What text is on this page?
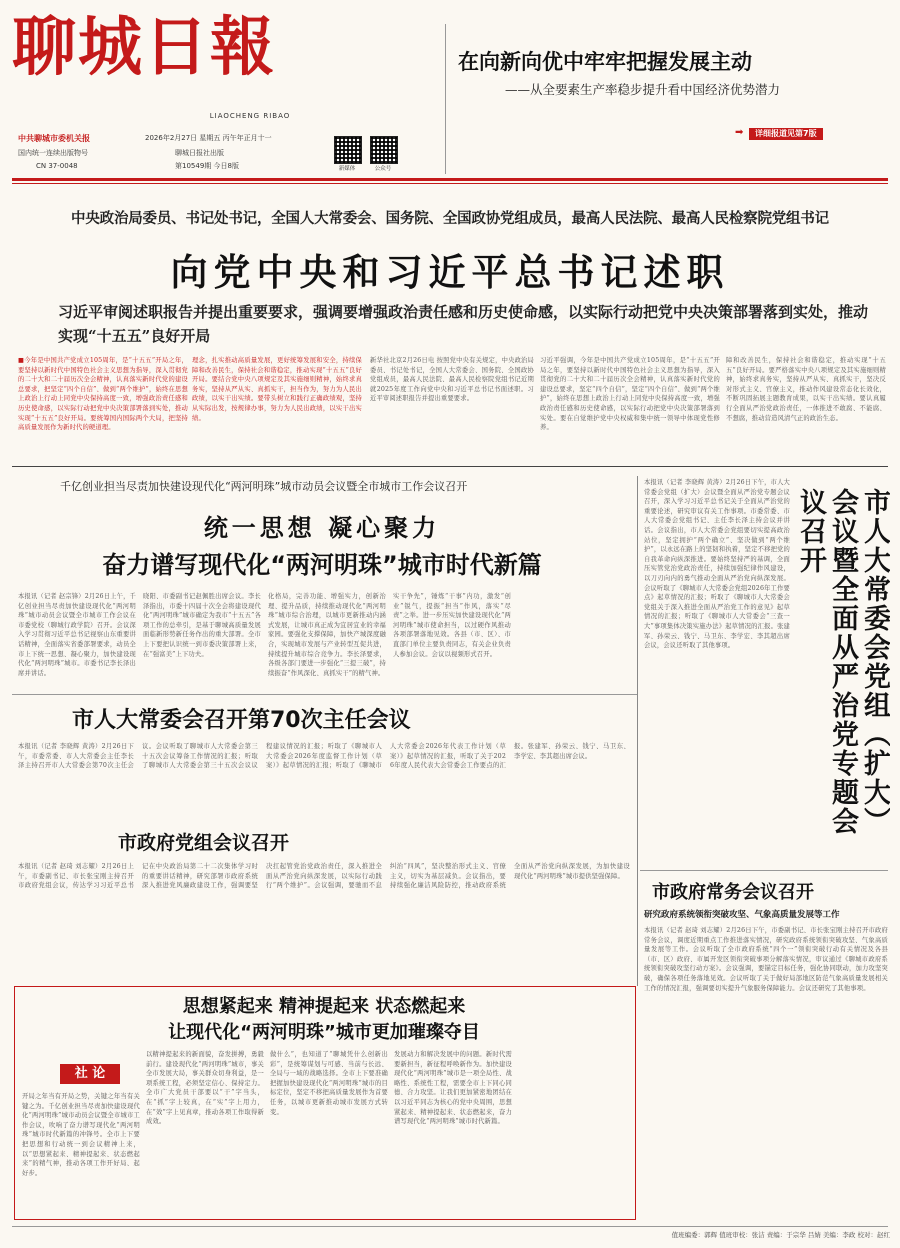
聊城日報
LIAOCHENG RIBAO
中共聊城市委机关报
国内统一连续出版物号
CN 37-0048
2026年2月27日 星期五 丙午年正月十一
聊城日报社出版
第10549期 今日8版	新媒体	公众号
在向新向优中牢牢把握发展主动
——从全要素生产率稳步提升看中国经济优势潜力
➡	详细报道见第7版
中央政治局委员、书记处书记，全国人大常委会、国务院、全国政协党组成员，最高人民法院、最高人民检察院党组书记
向党中央和习近平总书记述职
习近平审阅述职报告并提出重要要求，强调要增强政治责任感和历史使命感，以实际行动把党中央决策部署落到实处，推动实现“十五五”良好开局
■今年是中国共产党成立105周年，是“十五五”开局之年，要坚持以新时代中国特色社会主义思想为指导，深入贯彻党的二十大和二十届历次全会精神，认真落实新时代党的建设总要求，把坚定“四个自信”、做到“两个维护”，始终在思想上政治上行动上同党中央保持高度一致，增强政治责任感和历史使命感，以实际行动把党中央决策部署落到实处，推动实现“十五五”良好开局。要统筹国内国际两个大局，把坚持高质量发展作为新时代的硬道理。
理念，扎实推动高质量发展，更好统筹发展和安全，持续保障和改善民生，保持社会和谐稳定，推动实现“十五五”良好开局。要结合党中央八项规定及其实施细则精神，始终求真务实，坚持从严从实、真抓实干，担当作为，努力为人民出政绩，以实干出实绩。要带头树立和践行正确政绩观，坚持从实际出发，按规律办事，努力为人民出政绩，以实干出实绩。
新华社北京2月26日电 按照党中央有关规定，中央政治局委员、书记处书记，全国人大常委会、国务院、全国政协党组成员，最高人民法院、最高人民检察院党组书记近期就2025年度工作向党中央和习近平总书记书面述职。习近平审阅述职报告并提出重要要求。
习近平强调，今年是中国共产党成立105周年，是“十五五”开局之年，要坚持以新时代中国特色社会主义思想为指导，深入贯彻党的二十大和二十届历次全会精神，认真落实新时代党的建设总要求，坚定“四个自信”，坚定“四个自信”、做到“两个维护”，始终在思想上政治上行动上同党中央保持高度一致，增强政治责任感和历史使命感，以实际行动把党中央决策部署落到实处。要在自觉维护党中央权威和集中统一领导中体现党性修养。
障和改善民生，保持社会和谐稳定，推动实现“十五五”良好开局。要严格落实中央八项规定及其实施细则精神，始终求真务实，坚持从严从实、真抓实干，坚决反对形式主义、官僚主义，推动作风建设常态化长效化，不断巩固拓展主题教育成果，以实干出实绩。要认真履行全面从严治党政治责任，一体推进不敢腐、不能腐、不想腐，推动营造风清气正的政治生态。
千亿创业担当尽责加快建设现代化“两河明珠”城市动员会议暨全市城市工作会议召开
统一思想 凝心聚力
奋力谱写现代化“两河明珠”城市时代新篇
本报讯（记者 赵宗锋）2月26日上午，千亿创业担当尽责加快建设现代化“两河明珠”城市动员会议暨全市城市工作会议在市委党校（聊城行政学院）召开。会议深入学习贯彻习近平总书记视察山东重要讲话精神，全面落实省委部署要求，动员全市上下统一思想、凝心聚力，加快建设现代化“两河明珠”城市。市委书记李长泽出席并讲话。
晓阳、市委副书记赵佩胜出席会议。李长泽指出，市委十四届十次全会将建设现代化“两河明珠”城市确定为我市“十五五”各项工作的总牵引，是基于聊城高质量发展面临新形势新任务作出的重大部署。全市上下要把认识统一到市委决策部署上来，在“强富美”上下功夫。
化格局，完善功能、增强实力，创新治理、提升品质，持续推动现代化“两河明珠”城市综合治理，以城市更新推动内涵式发展，让城市真正成为宜居宜业的幸福家园。要强化支撑保障，加快产城深度融合，实现城市发展与产业转型互促共进，持续提升城市综合竞争力。李长泽要求，各级各部门要进一步强化“三提三破”，持续振奋“作风深化、真抓实干”的精气神。
实干争先”，锤炼“干事”内功，激发“创业”锐气，提振“担当”作风，落实“尽责”之举。进一步压实加快建设现代化“两河明珠”城市使命担当，以过硬作风推动各项部署落地见效。各县（市、区）、市直部门单位主要负责同志，有关企业负责人参加会议。会议以视频形式召开。
市人大常委会召开第70次主任会议
本报讯（记者 李晓辉 黄涛）2月26日下午，市委常委、市人大常委会主任李长泽主持召开市人大常委会第70次主任会议。会议听取了聊城市人大常委会第三十五次会议筹备工作情况的汇报；听取了聊城市人大常委会第三十五次会议议程建议情况的汇报；听取了《聊城市人大常委会2026年度监督工作计划（草案）》起草情况的汇报；听取了《聊城市人大常委会2026年代表工作计划（草案）》起草情况的汇报，听取了关于2026年度人民代表大会常委会工作要点的汇报。张建军、孙荣云、钱宁、马卫东、李学宏、李其超出席会议。
市政府党组会议召开
本报讯（记者 赵琦 刘志耀）2月26日上午，市委副书记、市长张宝刚主持召开市政府党组会议，传达学习习近平总书记在中央政治局第二十二次集体学习时的重要讲话精神，研究部署市政府系统深入推进党风廉政建设工作，强调要坚决扛起管党治党政治责任，深入推进全面从严治党向纵深发展，以实际行动践行“两个维护”。会议强调，要驰而不息纠治“四风”，坚决整治形式主义、官僚主义，切实为基层减负。会议指出，要持续强化廉洁风险防控，推动政府系统全面从严治党向纵深发展，为加快建设现代化“两河明珠”城市提供坚强保障。
本报讯（记者 李晓辉 黄涛）2月26日下午，市人大常委会党组（扩大）会议暨全面从严治党专题会议召开，深入学习习近平总书记关于全面从严治党的重要论述，研究审议有关工作事项。市委常委、市人大常委会党组书记、主任李长泽主持会议并讲话。会议指出，市人大常委会党组要切实提高政治站位，坚定拥护“两个确立”、坚决做到“两个维护”，以永远在路上的坚韧和执着，坚定不移把党的自我革命向纵深推进。要始终坚持严的基调，全面压实管党治党政治责任，持续加强纪律作风建设，以刀刃向内的勇气推动全面从严治党向纵深发展。会议听取了《聊城市人大常委会党组2026年工作要点》起草情况的汇报；听取了《聊城市人大常委会党组关于深入推进全面从严治党工作的意见》起草情况的汇报；听取了《聊城市人大常委会“三查一大”事项集体决策实施办法》起草情况的汇报。张建军、孙荣云、钱宁、马卫东、李学宏、李其超出席会议，会议还听取了其他事项。	市人大常委会党组（扩大）会议暨全面从严治党专题会议召开
市政府常务会议召开
研究政府系统领衔突破攻坚、气象高质量发展等工作
本报讯（记者 赵琦 刘志耀）2月26日下午，市委副书记、市长张宝刚主持召开市政府常务会议，调度近期重点工作推进落实情况，研究政府系统领衔突破攻坚、气象高质量发展等工作。会议听取了全市政府系统“四个一”领衔突破行动有关情况及各县（市、区）政府、市属开发区领衔突破事项分解落实情况，审议通过《聊城市政府系统领衔突破攻坚行动方案》。会议强调，要锚定目标任务，强化协同联动，加力攻坚突破，确保各项任务落地见效。会议听取了关于做好局部地区防范气象高质量发展相关工作的情况汇报，强调要切实提升气象服务保障能力。会议还研究了其他事项。
思想紧起来 精神提起来 状态燃起来
让现代化“两河明珠”城市更加璀璨夺目
社 论
开局之年当有开局之势，关键之年当有关键之为。千亿创业担当尽责加快建设现代化“两河明珠”城市动员会议暨全市城市工作会议，吹响了奋力谱写现代化“两河明珠”城市时代新篇的冲锋号。全市上下要把思想和行动统一到会议精神上来，以“思想紧起来、精神提起来、状态燃起来”的精气神，推动各项工作开好局、起好步。
以精神提起来的新面貌，奋发拼搏，勇毅前行。建设现代化“两河明珠”城市，事关全市发展大局，事关群众切身利益，是一项系统工程，必须坚定信心、保持定力。全市广大党员干部要以“干”字当头，在“抓”字上较真，在“实”字上用力，在“效”字上见真章，推动各项工作取得新成效。
做什么”，也知道了“聊城凭什么创新出彩”，是统筹谋划与可感、当前与长远、全局与一域的战略选择。全市上下要准确把握加快建设现代化“两河明珠”城市的目标定位，坚定不移把高质量发展作为首要任务，以城市更新推动城市发展方式转变。
发展动力和解决发展中的问题。新时代需要新担当，新征程呼唤新作为。加快建设现代化“两河明珠”城市是一项全局性、战略性、系统性工程，需要全市上下同心同德、合力攻坚。让我们更加紧密地团结在以习近平同志为核心的党中央周围，思想紧起来、精神提起来、状态燃起来，奋力谱写现代化“两河明珠”城市时代新篇。
值班编委：郭辉 值班审校：张洁 责编：于宗华 吕婧 美编：李政 校对：赵红
